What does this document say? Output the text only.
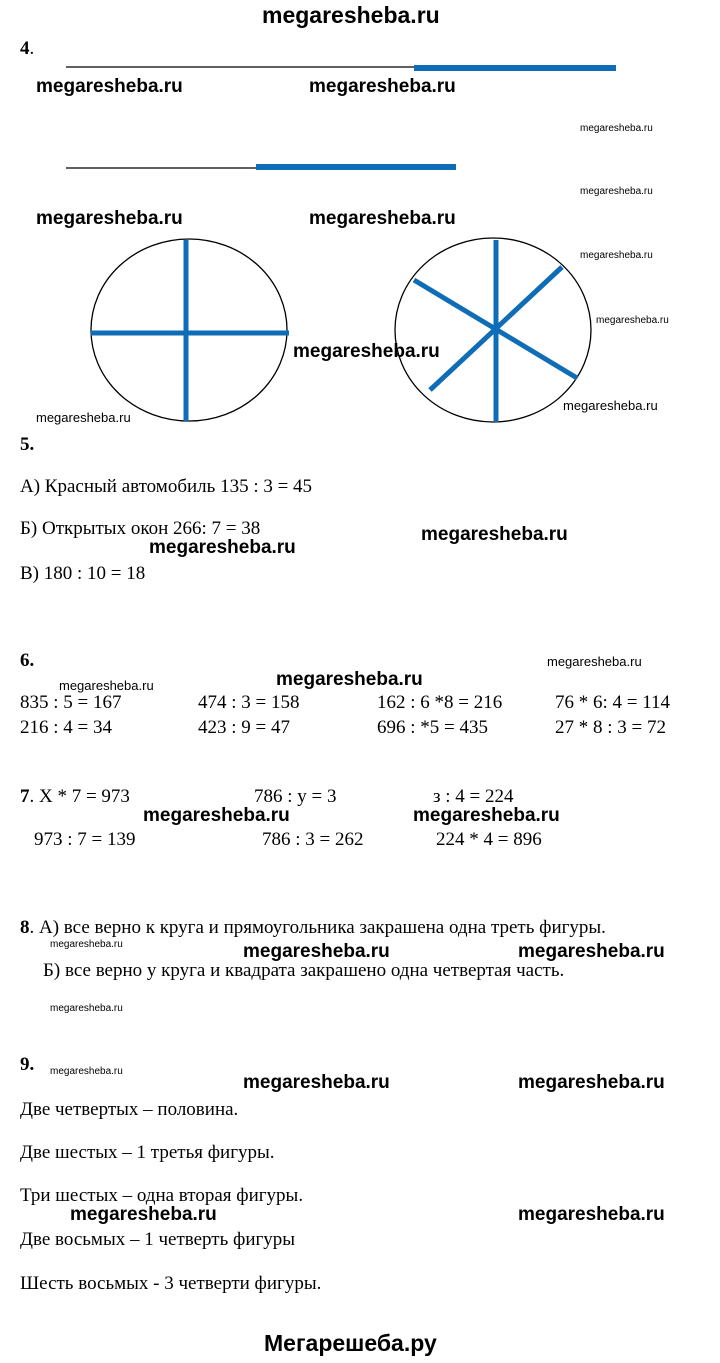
megaresheba.ru
4.
megaresheba.ru	megaresheba.ru
megaresheba.ru
megaresheba.ru
megaresheba.ru	megaresheba.ru
megaresheba.ru
megaresheba.ru
megaresheba.ru
megaresheba.ru
megaresheba.ru
5.
А) Красный автомобиль 135 : 3 = 45
Б) Открытых окон 266: 7 = 38
В) 180 : 10 = 18
megaresheba.ru
megaresheba.ru
6.
megaresheba.ru
megaresheba.ru
megaresheba.ru
835 : 5 = 167	474 : 3 = 158	162 : 6 *8 = 216	76 * 6: 4 = 114
216 : 4 = 34	423 : 9 = 47	696 : *5 = 435	27 * 8 : 3 = 72
7. X * 7 = 973	786 : у = 3	з : 4 = 224
megaresheba.ru	megaresheba.ru
973 : 7 = 139	786 : 3 = 262	224 * 4 = 896
8. А) все верно к круга и прямоугольника закрашена одна треть фигуры.
megaresheba.ru	megaresheba.ru	megaresheba.ru
Б) все верно у круга и квадрата закрашено одна четвертая часть.
megaresheba.ru
9. megaresheba.ru
megaresheba.ru	megaresheba.ru
Две четвертых – половина.
Две шестых – 1 третья фигуры.
Три шестых – одна вторая фигуры.
megaresheba.ru	megaresheba.ru
Две восьмых – 1 четверть фигуры
Шесть восьмых - 3 четверти фигуры.
Мегарешеба.ру
